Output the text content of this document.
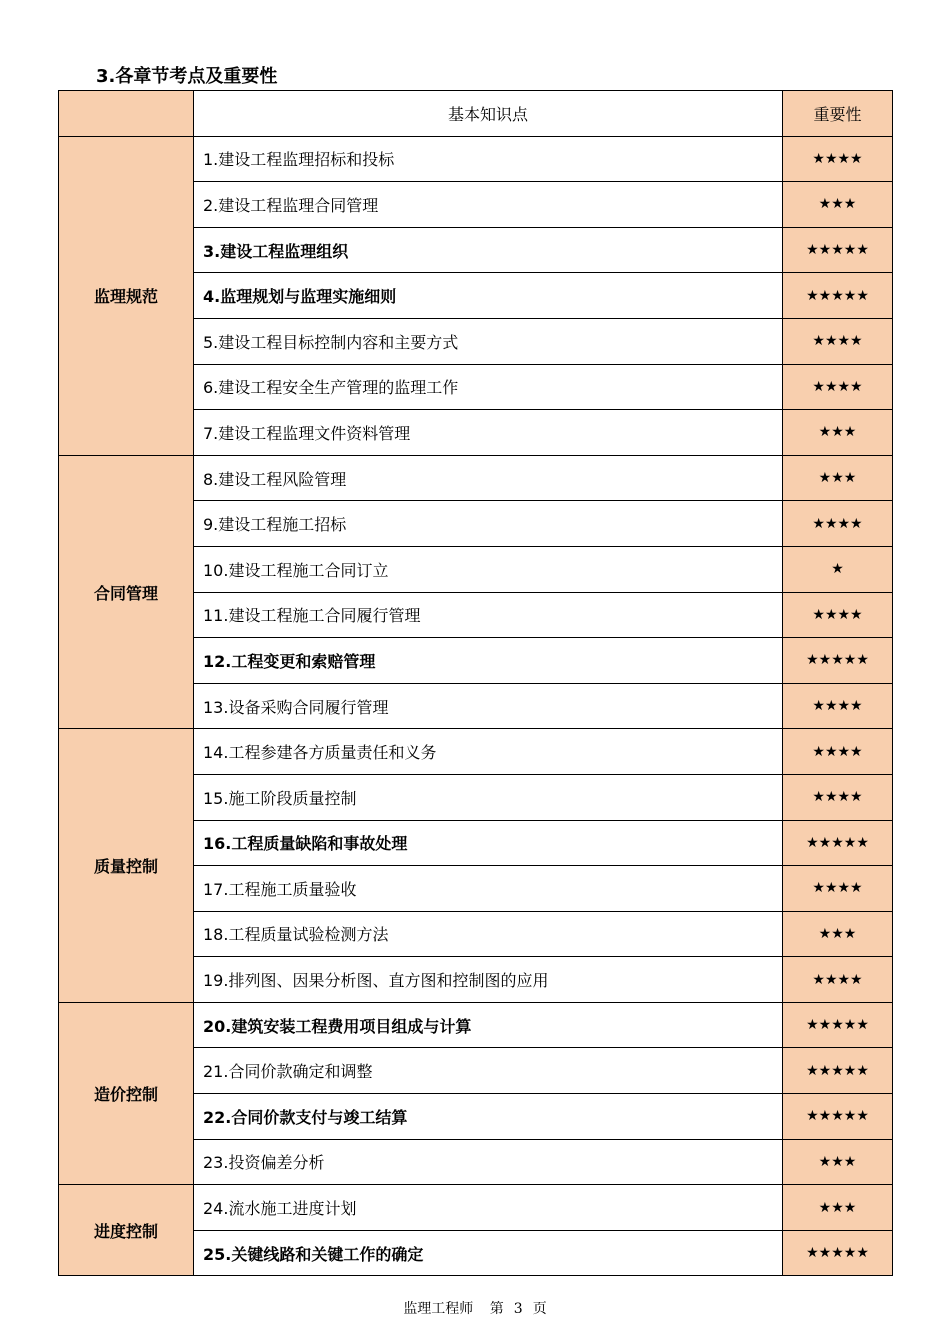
3.各章节考点及重要性
	基本知识点	重要性
监理规范	1.建设工程监理招标和投标	★★★★
	2.建设工程监理合同管理	★★★
	3.建设工程监理组织	★★★★★
	4.监理规划与监理实施细则	★★★★★
	5.建设工程目标控制内容和主要方式	★★★★
	6.建设工程安全生产管理的监理工作	★★★★
	7.建设工程监理文件资料管理	★★★
合同管理	8.建设工程风险管理	★★★
	9.建设工程施工招标	★★★★
	10.建设工程施工合同订立	★
	11.建设工程施工合同履行管理	★★★★
	12.工程变更和索赔管理	★★★★★
	13.设备采购合同履行管理	★★★★
质量控制	14.工程参建各方质量责任和义务	★★★★
	15.施工阶段质量控制	★★★★
	16.工程质量缺陷和事故处理	★★★★★
	17.工程施工质量验收	★★★★
	18.工程质量试验检测方法	★★★
	19.排列图、因果分析图、直方图和控制图的应用	★★★★
造价控制	20.建筑安装工程费用项目组成与计算	★★★★★
	21.合同价款确定和调整	★★★★★
	22.合同价款支付与竣工结算	★★★★★
	23.投资偏差分析	★★★
进度控制	24.流水施工进度计划	★★★
	25.关键线路和关键工作的确定	★★★★★
监理工程师 第 3 页
